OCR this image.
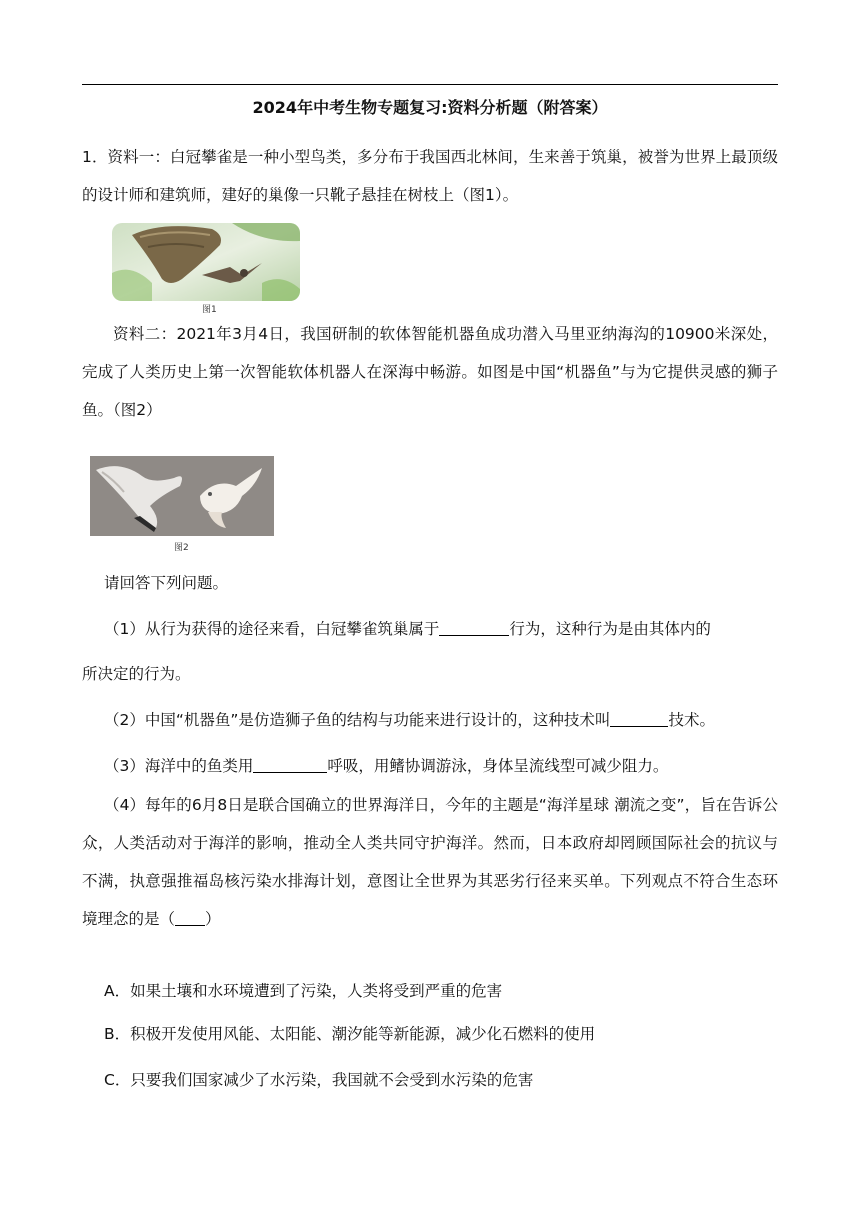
2024年中考生物专题复习:资料分析题（附答案）
1．资料一：白冠攀雀是一种小型鸟类，多分布于我国西北林间，生来善于筑巢，被誉为世界上最顶级的设计师和建筑师，建好的巢像一只靴子悬挂在树枝上（图1）。
图1
资料二：2021年3月4日，我国研制的软体智能机器鱼成功潜入马里亚纳海沟的10900米深处，完成了人类历史上第一次智能软体机器人在深海中畅游。如图是中国“机器鱼”与为它提供灵感的狮子鱼。（图2）
图2
请回答下列问题。
（1）从行为获得的途径来看，白冠攀雀筑巢属于	行为，这种行为是由其体内的
所决定的行为。
（2）中国“机器鱼”是仿造狮子鱼的结构与功能来进行设计的，这种技术叫	技术。
（3）海洋中的鱼类用	呼吸，用鳍协调游泳，身体呈流线型可减少阻力。
（4）每年的6月8日是联合国确立的世界海洋日，今年的主题是“海洋星球 潮流之变”，旨在告诉公众，人类活动对于海洋的影响，推动全人类共同守护海洋。然而，日本政府却罔顾国际社会的抗议与不满，执意强推福岛核污染水排海计划，意图让全世界为其恶劣行径来买单。下列观点不符合生态环境理念的是（ ）
A．如果土壤和水环境遭到了污染，人类将受到严重的危害
B．积极开发使用风能、太阳能、潮汐能等新能源，减少化石燃料的使用
C．只要我们国家减少了水污染，我国就不会受到水污染的危害
